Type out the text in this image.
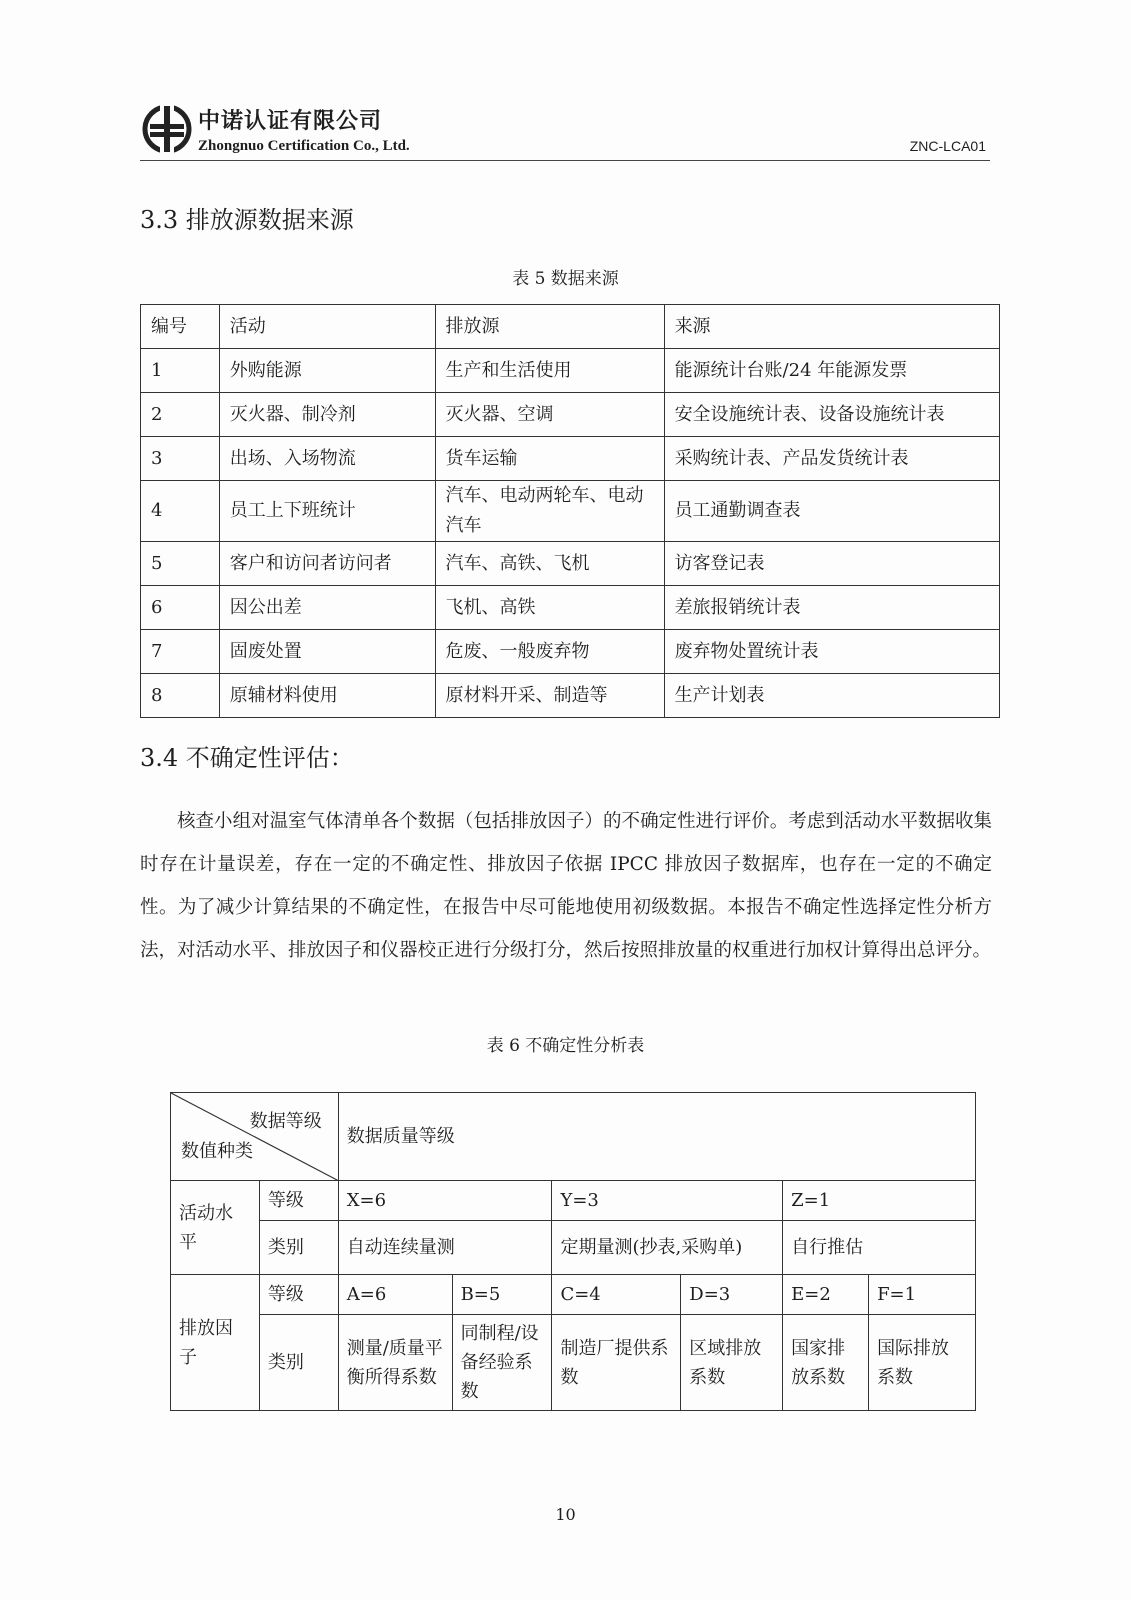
中诺认证有限公司
Zhongnuo Certification Co., Ltd.	ZNC-LCA01
3.3 排放源数据来源
表 5 数据来源
编号	活动	排放源	来源
1	外购能源	生产和生活使用	能源统计台账/24 年能源发票
2	灭火器、制冷剂	灭火器、空调	安全设施统计表、设备设施统计表
3	出场、入场物流	货车运输	采购统计表、产品发货统计表
4	员工上下班统计	汽车、电动两轮车、电动汽车	员工通勤调查表
5	客户和访问者访问者	汽车、高铁、飞机	访客登记表
6	因公出差	飞机、高铁	差旅报销统计表
7	固废处置	危废、一般废弃物	废弃物处置统计表
8	原辅材料使用	原材料开采、制造等	生产计划表
3.4 不确定性评估：
核查小组对温室气体清单各个数据（包括排放因子）的不确定性进行评价。考虑到活动水平数据收集时存在计量误差，存在一定的不确定性、排放因子依据 IPCC 排放因子数据库，也存在一定的不确定性。为了减少计算结果的不确定性，在报告中尽可能地使用初级数据。本报告不确定性选择定性分析方法，对活动水平、排放因子和仪器校正进行分级打分，然后按照排放量的权重进行加权计算得出总评分。
表 6 不确定性分析表
数据等级
数值种类		数据质量等级					
活动水平	等级	X=6		Y=3		Z=1	
	类别	自动连续量测		定期量测(抄表,采购单)		自行推估	
排放因子	等级	A=6	B=5	C=4	D=3	E=2	F=1
	类别	测量/质量平衡所得系数	同制程/设备经验系数	制造厂提供系数	区域排放系数	国家排放系数	国际排放系数
10
